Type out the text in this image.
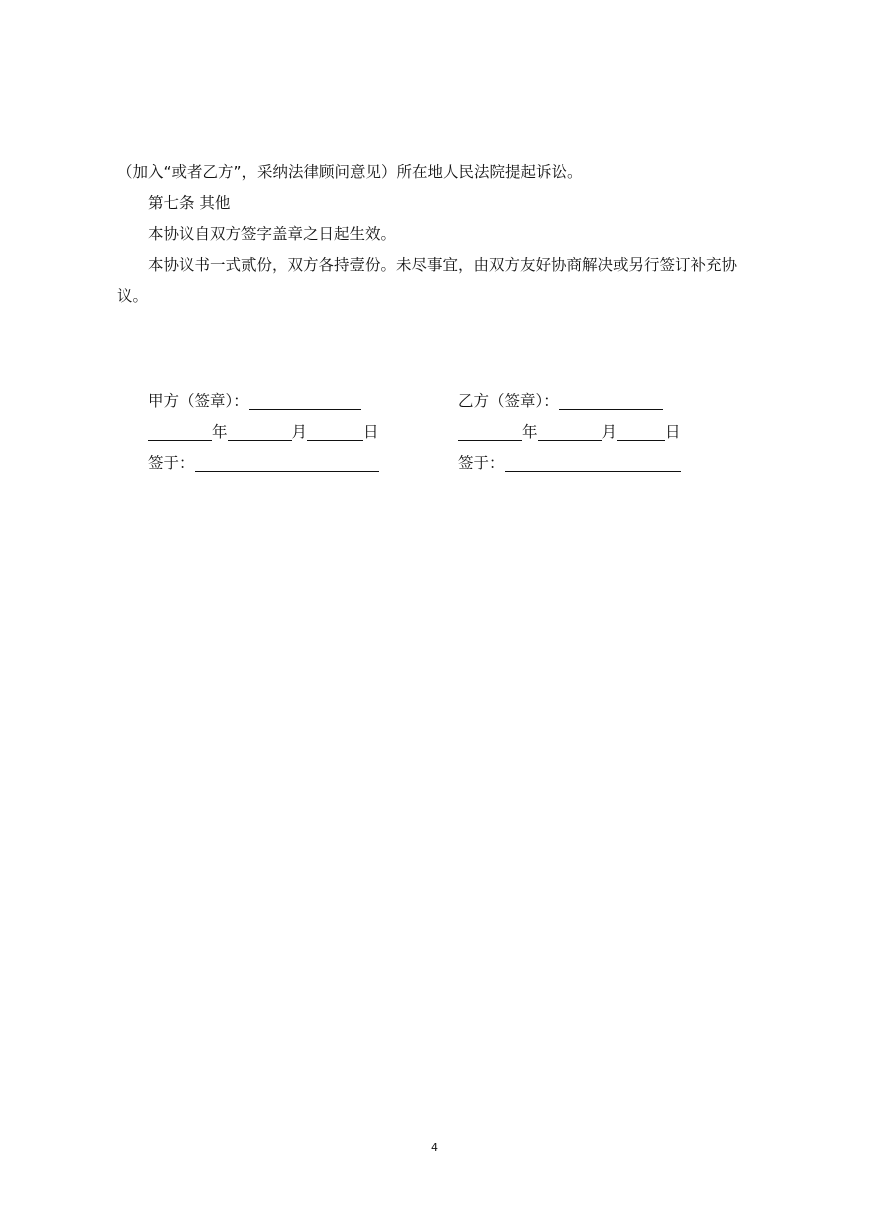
（加入“或者乙方”，采纳法律顾问意见）所在地人民法院提起诉讼。
第七条 其他
本协议自双方签字盖章之日起生效。
本协议书一式贰份，双方各持壹份。未尽事宜，由双方友好协商解决或另行签订补充协
议。
甲方（签章）：
年	月	日
签于：
乙方（签章）：
年	月	日
签于：
4
